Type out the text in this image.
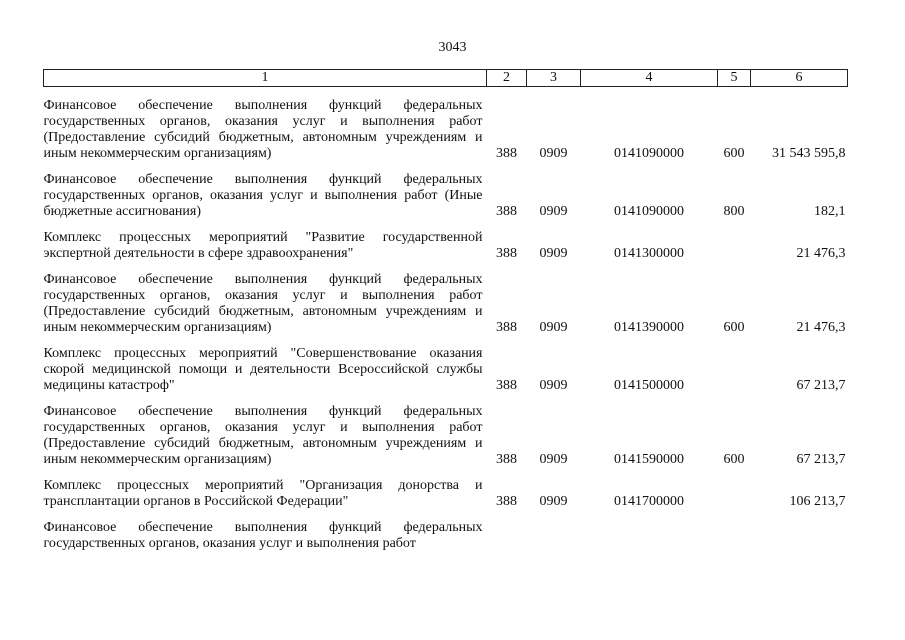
3043
1	2	3	4	5	6
Финансовое обеспечение выполнения функций федеральных государственных органов, оказания услуг и выполнения работ (Предоставление субсидий бюджетным, автономным учреждениям и иным некоммерческим организациям)	388	0909	0141090000	600	31 543 595,8
Финансовое обеспечение выполнения функций федеральных государственных органов, оказания услуг и выполнения работ (Иные бюджетные ассигнования)	388	0909	0141090000	800	182,1
Комплекс процессных мероприятий "Развитие государственной экспертной деятельности в сфере здравоохранения"	388	0909	0141300000		21 476,3
Финансовое обеспечение выполнения функций федеральных государственных органов, оказания услуг и выполнения работ (Предоставление субсидий бюджетным, автономным учреждениям и иным некоммерческим организациям)	388	0909	0141390000	600	21 476,3
Комплекс процессных мероприятий "Совершенствование оказания скорой медицинской помощи и деятельности Всероссийской службы медицины катастроф"	388	0909	0141500000		67 213,7
Финансовое обеспечение выполнения функций федеральных государственных органов, оказания услуг и выполнения работ (Предоставление субсидий бюджетным, автономным учреждениям и иным некоммерческим организациям)	388	0909	0141590000	600	67 213,7
Комплекс процессных мероприятий "Организация донорства и трансплантации органов в Российской Федерации"	388	0909	0141700000		106 213,7
Финансовое обеспечение выполнения функций федеральных государственных органов, оказания услуг и выполнения работ					
